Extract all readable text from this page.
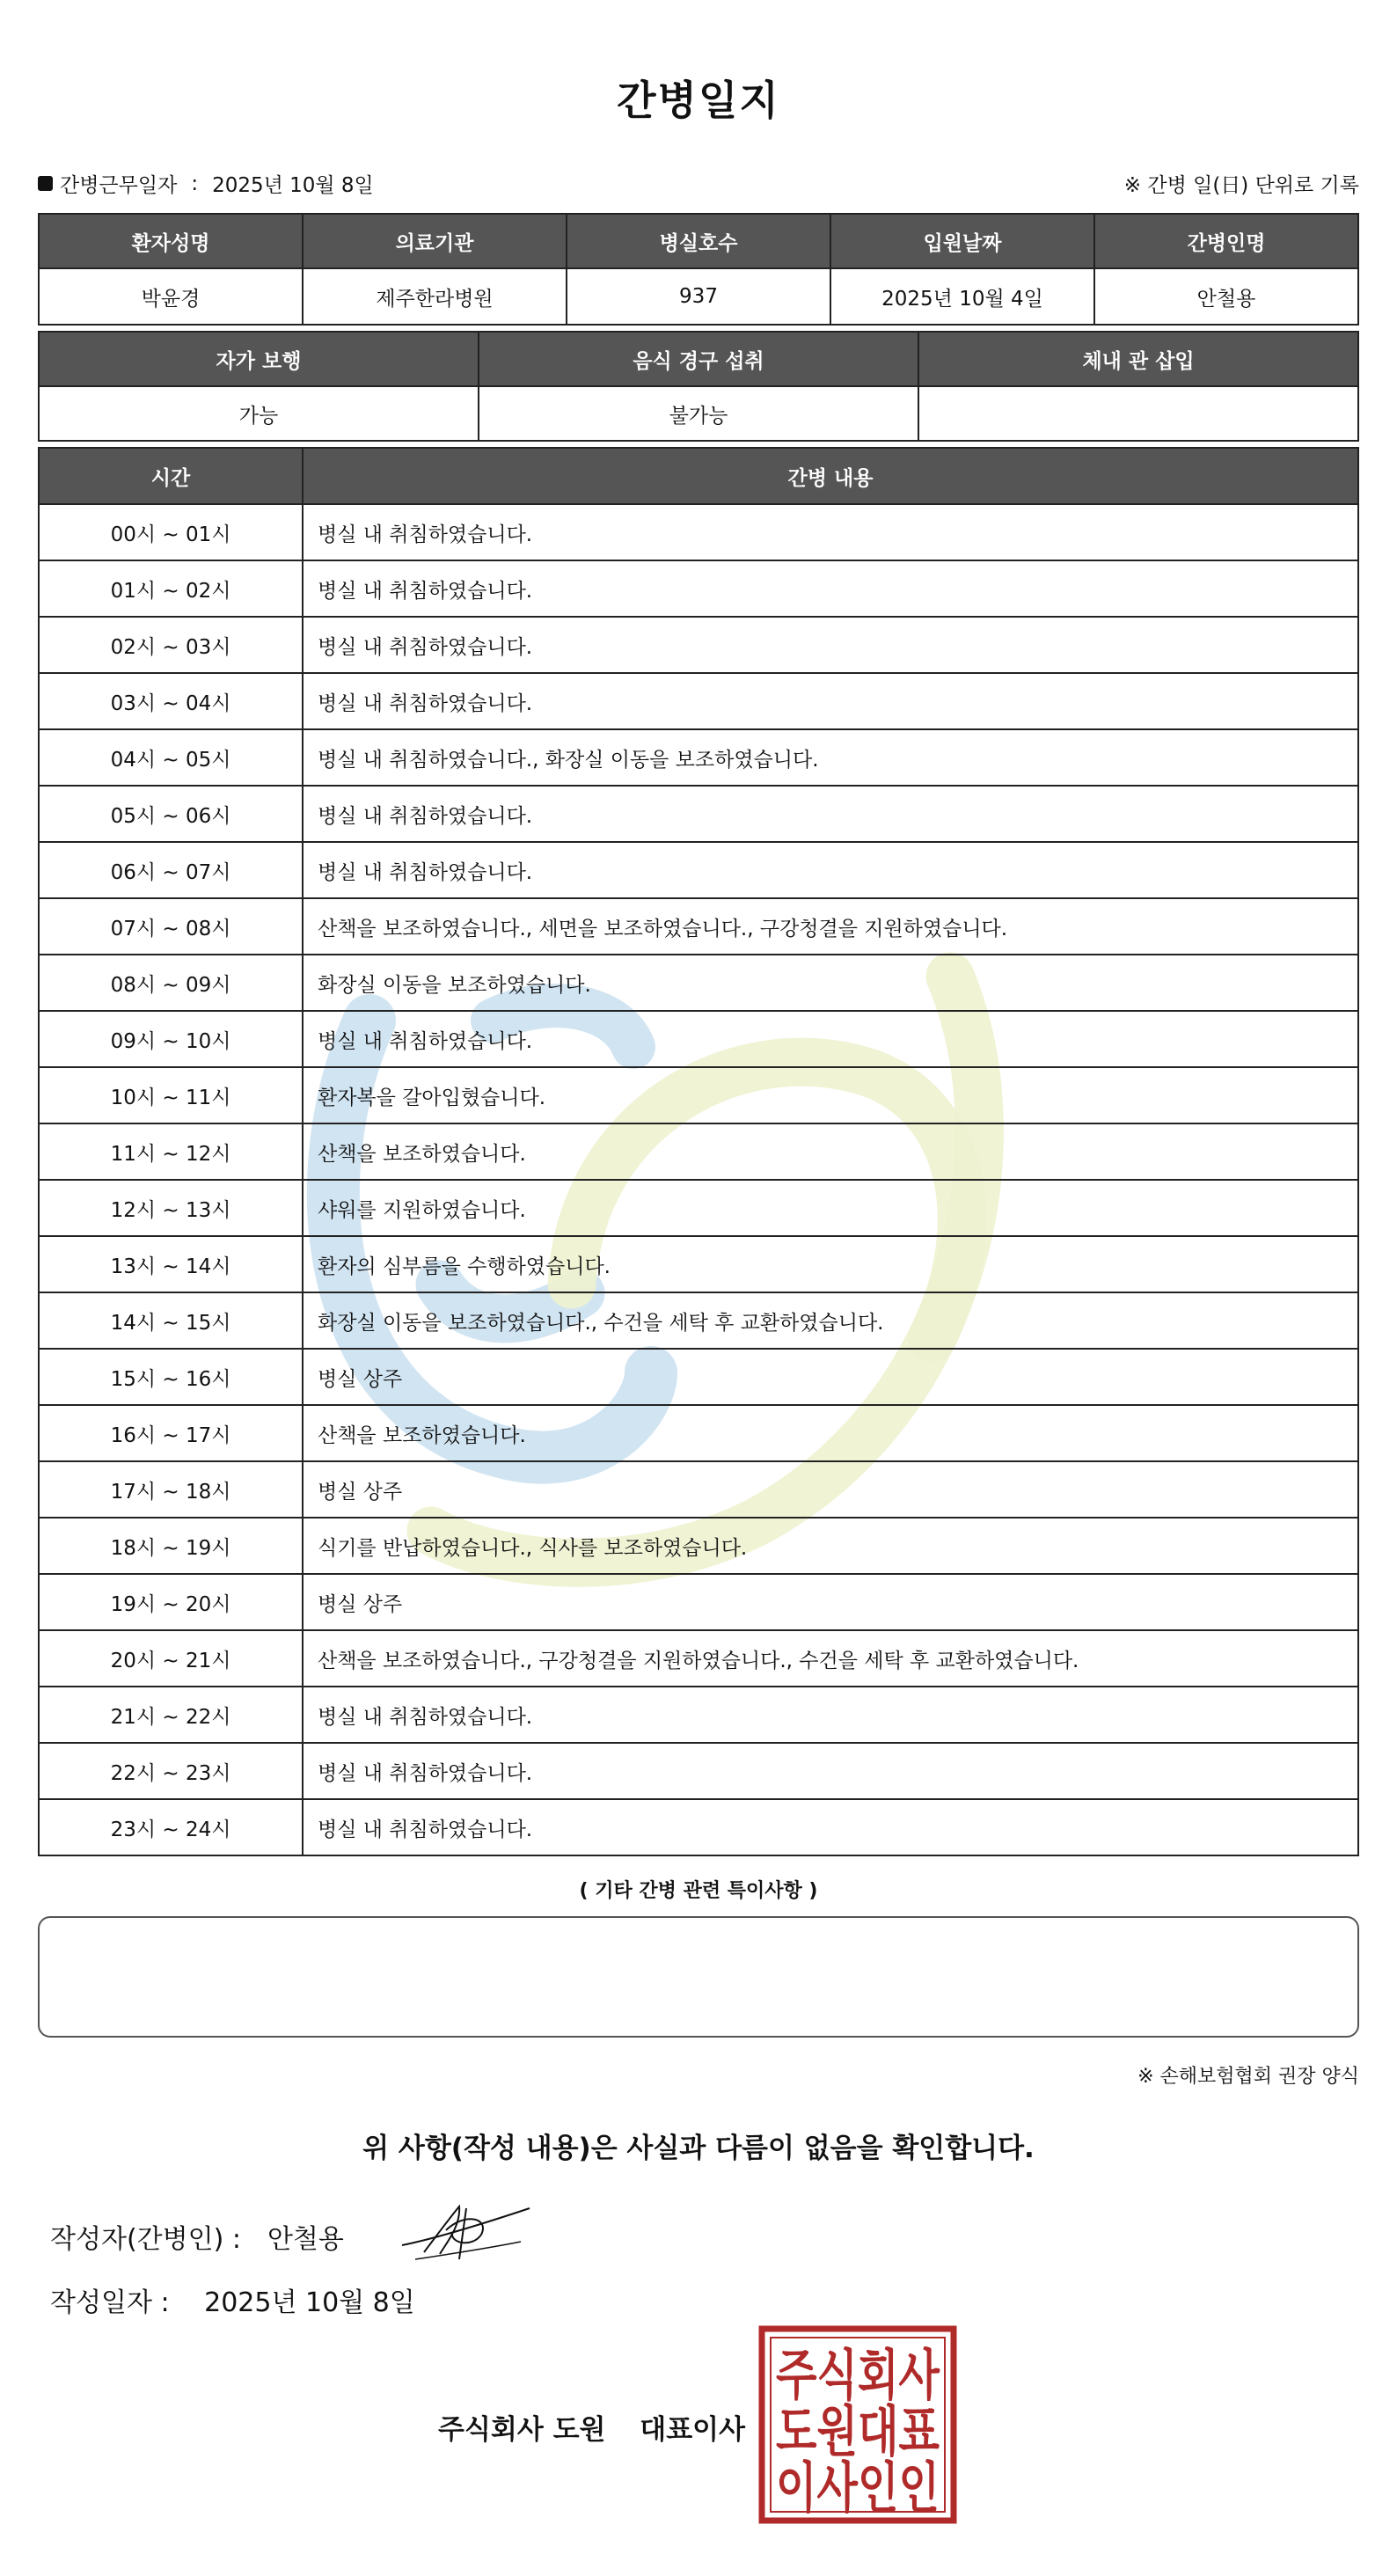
간병일지
간병근무일자 : 2025년 10월 8일	※ 간병 일(日) 단위로 기록
환자성명	의료기관	병실호수	입원날짜	간병인명
박윤경	제주한라병원	937	2025년 10월 4일	안철용
자가 보행	음식 경구 섭취	체내 관 삽입
가능	불가능	
시간	간병 내용
00시 ~ 01시	병실 내 취침하였습니다.
01시 ~ 02시	병실 내 취침하였습니다.
02시 ~ 03시	병실 내 취침하였습니다.
03시 ~ 04시	병실 내 취침하였습니다.
04시 ~ 05시	병실 내 취침하였습니다., 화장실 이동을 보조하였습니다.
05시 ~ 06시	병실 내 취침하였습니다.
06시 ~ 07시	병실 내 취침하였습니다.
07시 ~ 08시	산책을 보조하였습니다., 세면을 보조하였습니다., 구강청결을 지원하였습니다.
08시 ~ 09시	화장실 이동을 보조하였습니다.
09시 ~ 10시	병실 내 취침하였습니다.
10시 ~ 11시	환자복을 갈아입혔습니다.
11시 ~ 12시	산책을 보조하였습니다.
12시 ~ 13시	샤워를 지원하였습니다.
13시 ~ 14시	환자의 심부름을 수행하였습니다.
14시 ~ 15시	화장실 이동을 보조하였습니다., 수건을 세탁 후 교환하였습니다.
15시 ~ 16시	병실 상주
16시 ~ 17시	산책을 보조하였습니다.
17시 ~ 18시	병실 상주
18시 ~ 19시	식기를 반납하였습니다., 식사를 보조하였습니다.
19시 ~ 20시	병실 상주
20시 ~ 21시	산책을 보조하였습니다., 구강청결을 지원하였습니다., 수건을 세탁 후 교환하였습니다.
21시 ~ 22시	병실 내 취침하였습니다.
22시 ~ 23시	병실 내 취침하였습니다.
23시 ~ 24시	병실 내 취침하였습니다.
( 기타 간병 관련 특이사항 )
※ 손해보험협회 권장 양식
위 사항(작성 내용)은 사실과 다름이 없음을 확인합니다.
작성자(간병인) : 안철용
작성일자 : 2025년 10월 8일
주식회사 도원 대표이사
주식회사
도원대표
이사인인
